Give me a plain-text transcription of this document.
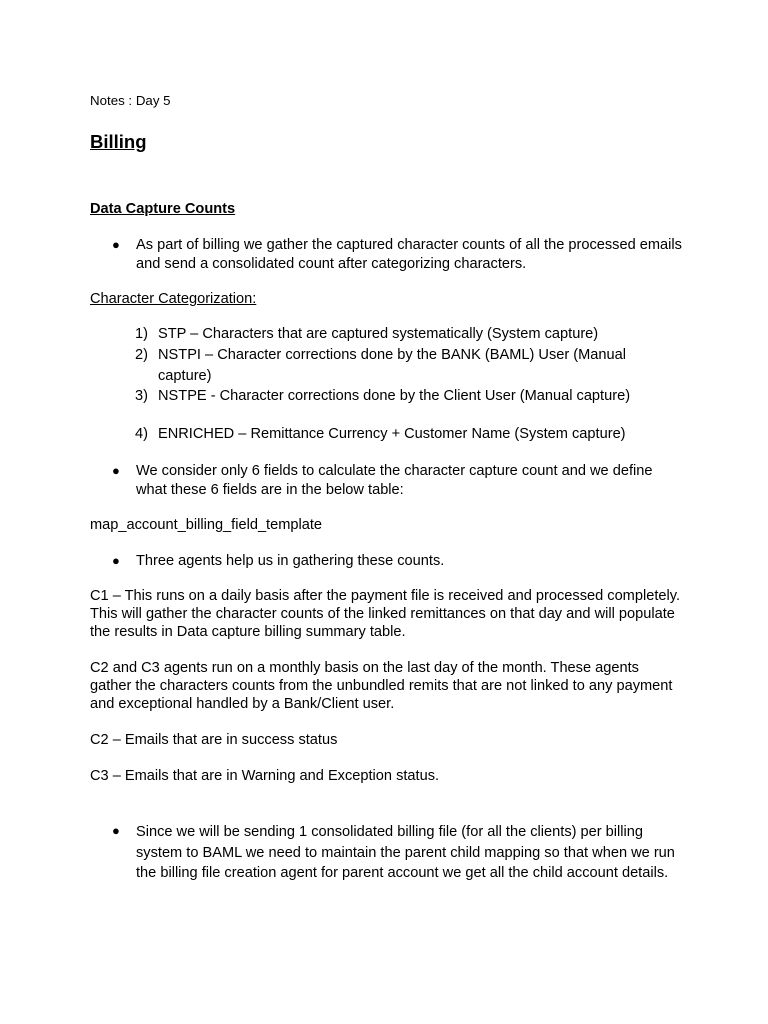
Notes : Day 5

Billing

Data Capture Counts

● As part of billing we gather the captured character counts of all the processed emails and send a consolidated count after categorizing characters.

Character Categorization:

1) STP – Characters that are captured systematically (System capture)
2) NSTPI – Character corrections done by the BANK (BAML) User (Manual capture)
3) NSTPE - Character corrections done by the Client User (Manual capture)
4) ENRICHED – Remittance Currency + Customer Name (System capture)
● We consider only 6 fields to calculate the character capture count and we define what these 6 fields are in the below table:

map_account_billing_field_template

● Three agents help us in gathering these counts.

C1 – This runs on a daily basis after the payment file is received and processed completely. This will gather the character counts of the linked remittances on that day and will populate the results in Data capture billing summary table.

C2 and C3 agents run on a monthly basis on the last day of the month. These agents gather the characters counts from the unbundled remits that are not linked to any payment and exceptional handled by a Bank/Client user.

C2 – Emails that are in success status

C3 – Emails that are in Warning and Exception status.

● Since we will be sending 1 consolidated billing file (for all the clients) per billing system to BAML we need to maintain the parent child mapping so that when we run the billing file creation agent for parent account we get all the child account details.
